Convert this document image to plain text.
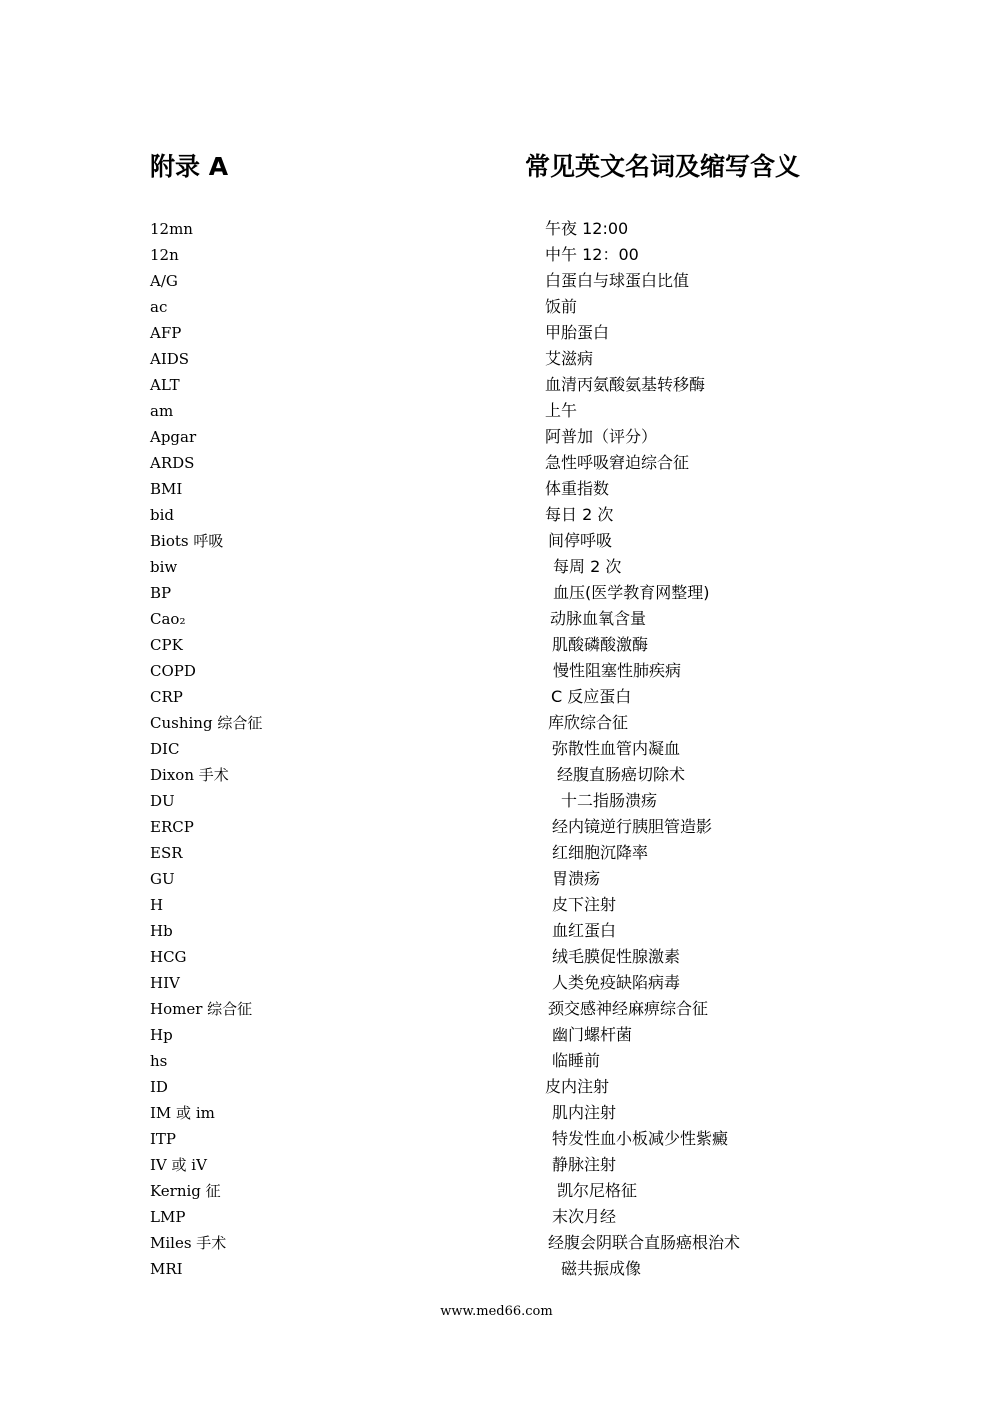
附录 A	常见英文名词及缩写含义
12mn	午夜 12:00
12n	中午 12：00
A/G	白蛋白与球蛋白比值
ac	饭前
AFP	甲胎蛋白
AIDS	艾滋病
ALT	血清丙氨酸氨基转移酶
am	上午
Apgar	阿普加（评分）
ARDS	急性呼吸窘迫综合征
BMI	体重指数
bid	每日 2 次
Biots 呼吸	间停呼吸
biw	每周 2 次
BP	血压(医学教育网整理)
Cao₂	动脉血氧含量
CPK	肌酸磷酸激酶
COPD	慢性阻塞性肺疾病
CRP	C 反应蛋白
Cushing 综合征	库欣综合征
DIC	弥散性血管内凝血
Dixon 手术	经腹直肠癌切除术
DU	十二指肠溃疡
ERCP	经内镜逆行胰胆管造影
ESR	红细胞沉降率
GU	胃溃疡
H	皮下注射
Hb	血红蛋白
HCG	绒毛膜促性腺激素
HIV	人类免疫缺陷病毒
Homer 综合征	颈交感神经麻痹综合征
Hp	幽门螺杆菌
hs	临睡前
ID	皮内注射
IM 或 im	肌内注射
ITP	特发性血小板减少性紫癜
IV 或 iV	静脉注射
Kernig 征	凯尔尼格征
LMP	末次月经
Miles 手术	经腹会阴联合直肠癌根治术
MRI	磁共振成像
www.med66.com
